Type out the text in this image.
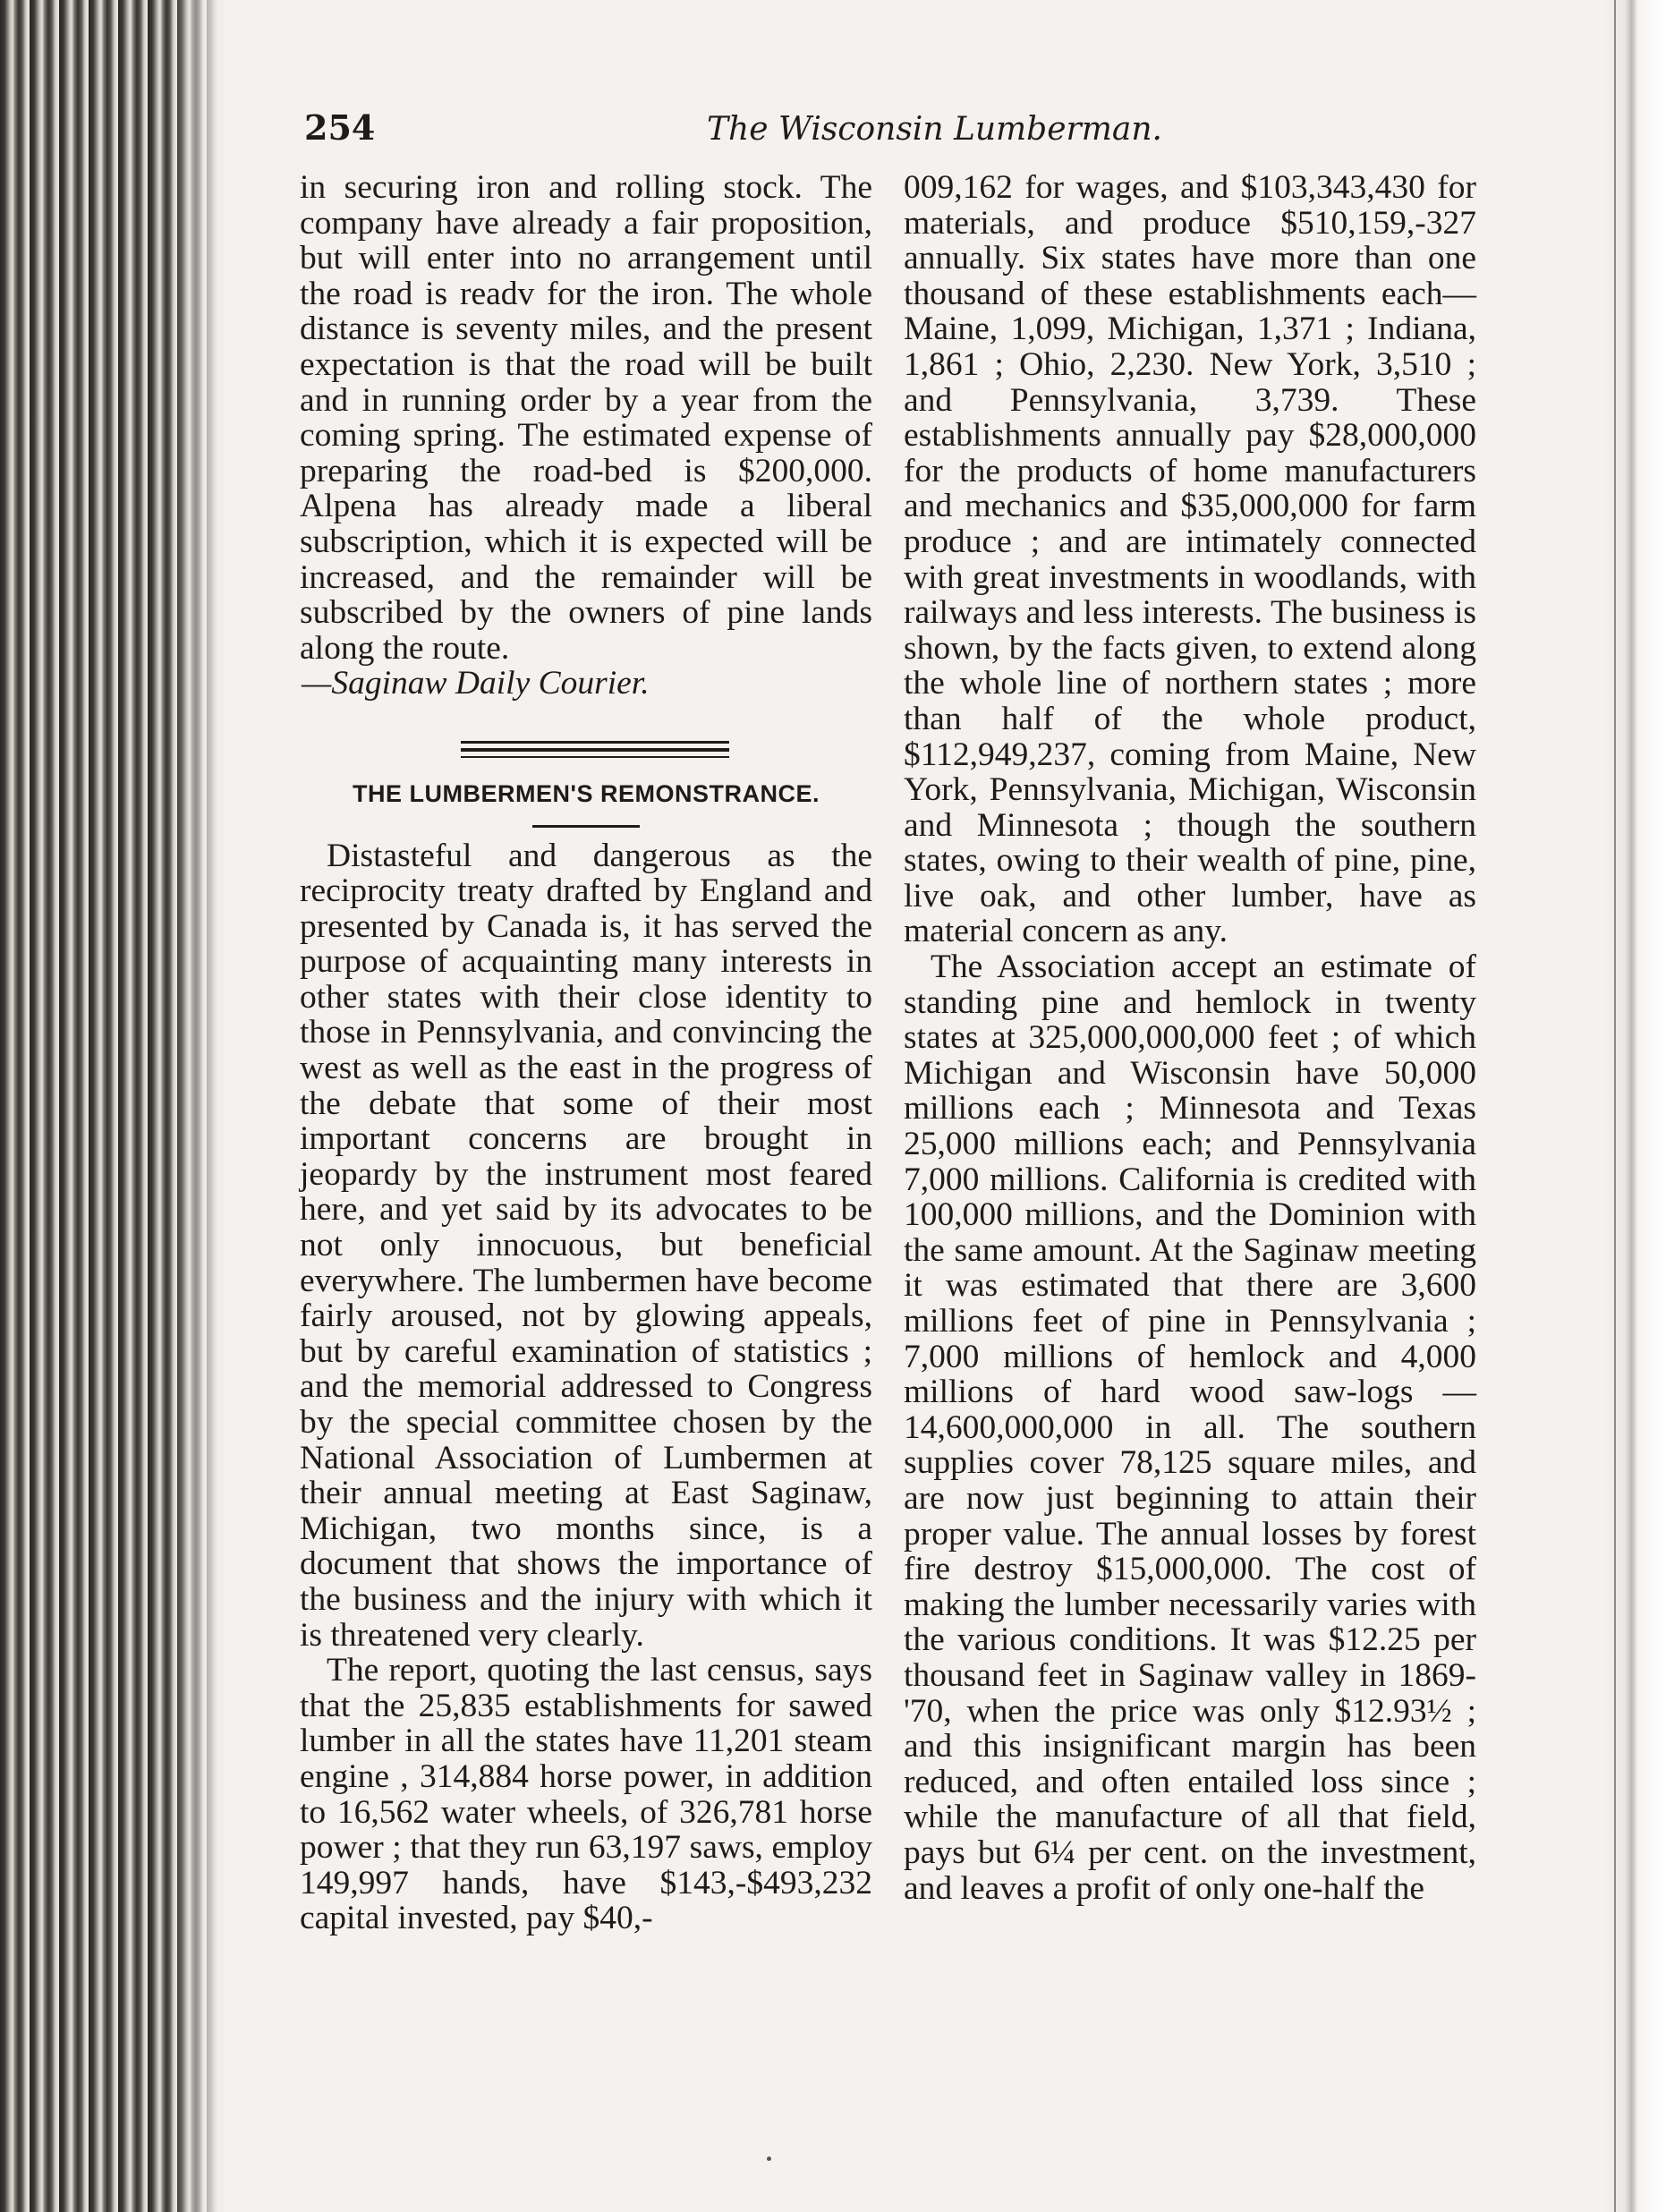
254	The Wisconsin Lumberman.

in securing iron and rolling stock. The company have already a fair proposition, but will enter into no arrangement until the road is readv for the iron. The whole distance is seventy miles, and the present expectation is that the road will be built and in running order by a year from the coming spring. The estimated expense of preparing the road-bed is $200,000. Alpena has already made a liberal subscription, which it is expected will be increased, and the remainder will be subscribed by the owners of pine lands along the route.

—Saginaw Daily Courier.

THE LUMBERMEN'S REMONSTRANCE.

Distasteful and dangerous as the reciprocity treaty drafted by England and presented by Canada is, it has served the purpose of acquainting many interests in other states with their close identity to those in Pennsylvania, and convincing the west as well as the east in the progress of the debate that some of their most important concerns are brought in jeopardy by the instrument most feared here, and yet said by its advocates to be not only innocuous, but beneficial everywhere. The lumbermen have become fairly aroused, not by glowing appeals, but by careful examination of statistics ; and the memorial addressed to Congress by the special committee chosen by the National Association of Lumbermen at their annual meeting at East Saginaw, Michigan, two months since, is a document that shows the importance of the business and the injury with which it is threatened very clearly.

The report, quoting the last census, says that the 25,835 establishments for sawed lumber in all the states have 11,201 steam engine , 314,884 horse power, in addition to 16,562 water wheels, of 326,781 horse power ; that they run 63,197 saws, employ 149,997 hands, have $143,-$493,232 capital invested, pay $40,-

009,162 for wages, and $103,343,430 for materials, and produce $510,159,-327 annually. Six states have more than one thousand of these establishments each—Maine, 1,099, Michigan, 1,371 ; Indiana, 1,861 ; Ohio, 2,230. New York, 3,510 ; and Pennsylvania, 3,739. These establishments annually pay $28,000,000 for the products of home manufacturers and mechanics and $35,000,000 for farm produce ; and are intimately connected with great investments in woodlands, with railways and less interests. The business is shown, by the facts given, to extend along the whole line of northern states ; more than half of the whole product, $112,949,237, coming from Maine, New York, Pennsylvania, Michigan, Wisconsin and Minnesota ; though the southern states, owing to their wealth of pine, pine, live oak, and other lumber, have as material concern as any.

The Association accept an estimate of standing pine and hemlock in twenty states at 325,000,000,000 feet ; of which Michigan and Wisconsin have 50,000 millions each ; Minnesota and Texas 25,000 millions each; and Pennsylvania 7,000 millions. California is credited with 100,000 millions, and the Dominion with the same amount. At the Saginaw meeting it was estimated that there are 3,600 millions feet of pine in Pennsylvania ; 7,000 millions of hemlock and 4,000 millions of hard wood saw-logs — 14,600,000,000 in all. The southern supplies cover 78,125 square miles, and are now just beginning to attain their proper value. The annual losses by forest fire destroy $15,000,000. The cost of making the lumber necessarily varies with the various conditions. It was $12.25 per thousand feet in Saginaw valley in 1869-'70, when the price was only $12.93½ ; and this insignificant margin has been reduced, and often entailed loss since ; while the manufacture of all that field, pays but 6¼ per cent. on the investment, and leaves a profit of only one-half the
